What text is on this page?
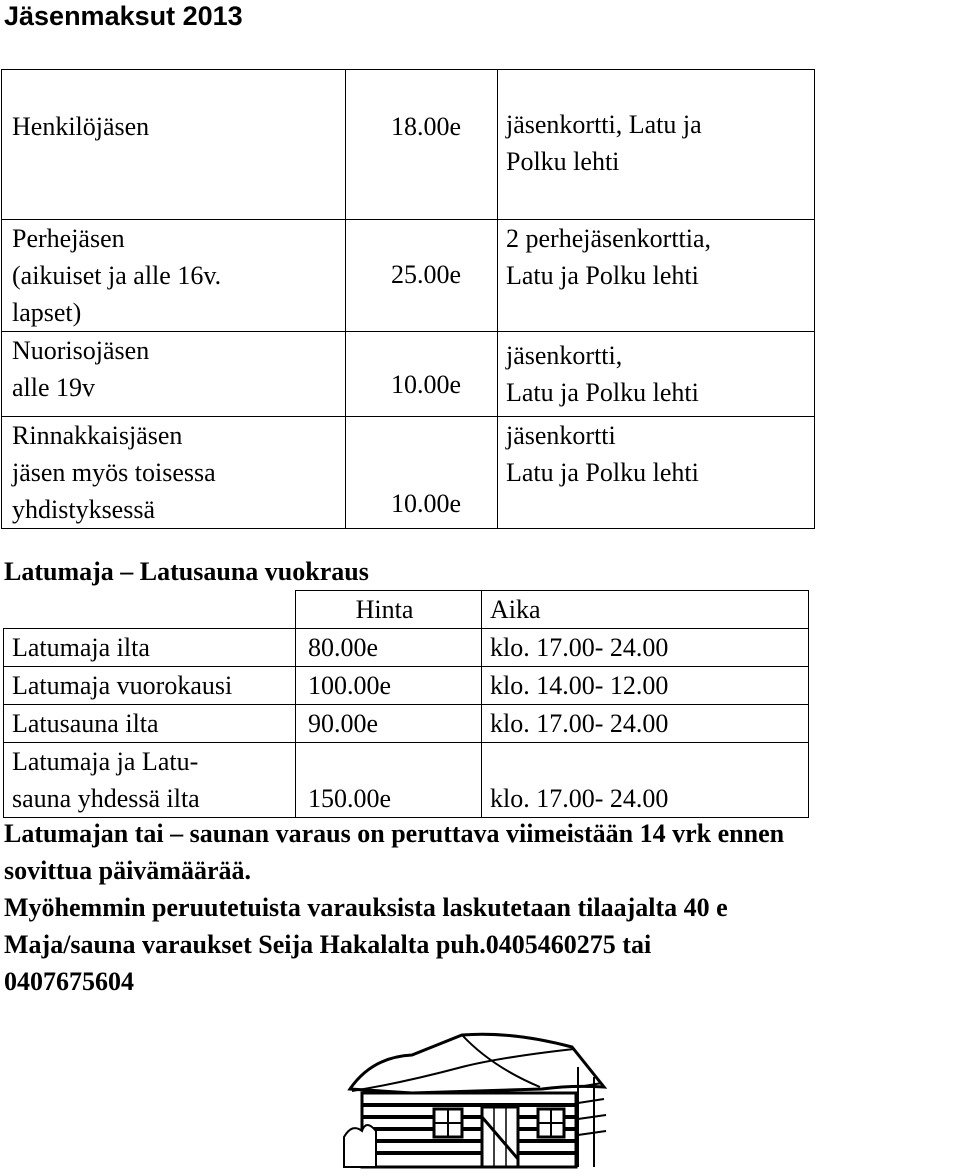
Jäsenmaksut 2013
Henkilöjäsen	18.00e	jäsenkortti, Latu ja
Polku lehti

Perhejäsen
(aikuiset ja alle 16v.
lapset)	25.00e	2 perhejäsenkorttia,
Latu ja Polku lehti

Nuorisojäsen
alle 19v	10.00e	jäsenkortti,
Latu ja Polku lehti

Rinnakkaisjäsen
jäsen myös toisessa
yhdistyksessä	10.00e	jäsenkortti
Latu ja Polku lehti
Latumaja – Latusauna vuokraus
	Hinta	Aika
Latumaja ilta	80.00e	klo. 17.00- 24.00
Latumaja vuorokausi	100.00e	klo. 14.00- 12.00
Latusauna ilta	90.00e	klo. 17.00- 24.00

Latumaja ja Latu-
sauna yhdessä ilta	150.00e	klo. 17.00- 24.00
Latumajan tai – saunan varaus on peruttava viimeistään 14 vrk ennen
sovittua päivämäärää.
Myöhemmin peruutetuista varauksista laskutetaan tilaajalta 40 e
Maja/sauna varaukset Seija Hakalalta puh.0405460275 tai
0407675604
